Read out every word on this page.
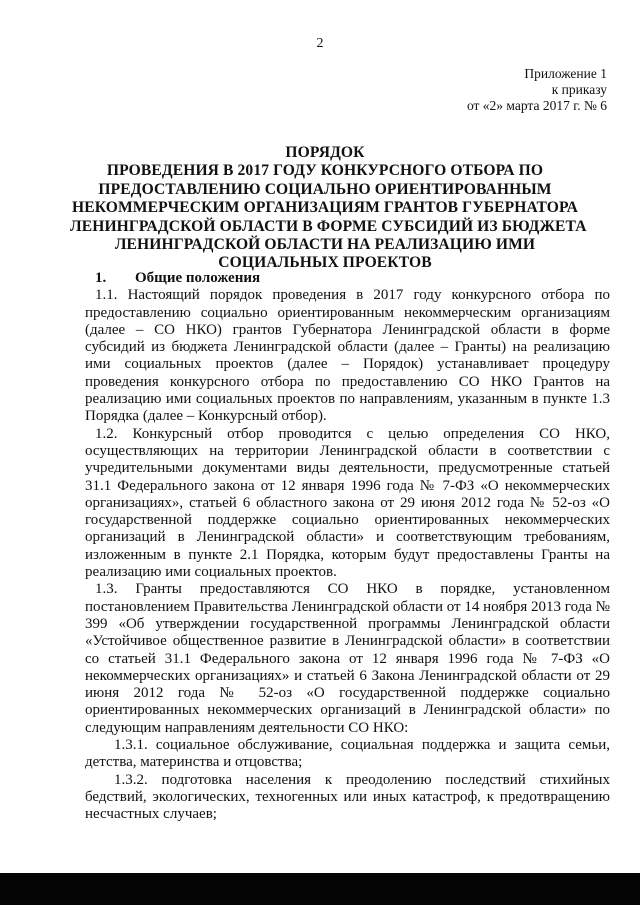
2
Приложение 1
к приказу
от «2» марта 2017 г. № 6
ПОРЯДОК
ПРОВЕДЕНИЯ В 2017 ГОДУ КОНКУРСНОГО ОТБОРА ПО
ПРЕДОСТАВЛЕНИЮ СОЦИАЛЬНО ОРИЕНТИРОВАННЫМ
НЕКОММЕРЧЕСКИМ ОРГАНИЗАЦИЯМ ГРАНТОВ ГУБЕРНАТОРА
ЛЕНИНГРАДСКОЙ ОБЛАСТИ В ФОРМЕ СУБСИДИЙ ИЗ БЮДЖЕТА
ЛЕНИНГРАДСКОЙ ОБЛАСТИ НА РЕАЛИЗАЦИЮ ИМИ
СОЦИАЛЬНЫХ ПРОЕКТОВ
1. Общие положения

1.1. Настоящий порядок проведения в 2017 году конкурсного отбора по предоставлению социально ориентированным некоммерческим организациям (далее – СО НКО) грантов Губернатора Ленинградской области в форме субсидий из бюджета Ленинградской области (далее – Гранты) на реализацию ими социальных проектов (далее – Порядок) устанавливает процедуру проведения конкурсного отбора по предоставлению СО НКО Грантов на реализацию ими социальных проектов по направлениям, указанным в пункте 1.3 Порядка (далее – Конкурсный отбор).

1.2. Конкурсный отбор проводится с целью определения СО НКО, осуществляющих на территории Ленинградской области в соответствии с учредительными документами виды деятельности, предусмотренные статьей 31.1 Федерального закона от 12 января 1996 года № 7-ФЗ «О некоммерческих организациях», статьей 6 областного закона от 29 июня 2012 года № 52-оз «О государственной поддержке социально ориентированных некоммерческих организаций в Ленинградской области» и соответствующим требованиям, изложенным в пункте 2.1 Порядка, которым будут предоставлены Гранты на реализацию ими социальных проектов.

1.3. Гранты предоставляются СО НКО в порядке, установленном постановлением Правительства Ленинградской области от 14 ноября 2013 года № 399 «Об утверждении государственной программы Ленинградской области «Устойчивое общественное развитие в Ленинградской области» в соответствии со статьей 31.1 Федерального закона от 12 января 1996 года № 7-ФЗ «О некоммерческих организациях» и статьей 6 Закона Ленинградской области от 29 июня 2012 года № 52-оз «О государственной поддержке социально ориентированных некоммерческих организаций в Ленинградской области» по следующим направлениям деятельности СО НКО:

1.3.1. социальное обслуживание, социальная поддержка и защита семьи, детства, материнства и отцовства;

1.3.2. подготовка населения к преодолению последствий стихийных бедствий, экологических, техногенных или иных катастроф, к предотвращению несчастных случаев;
